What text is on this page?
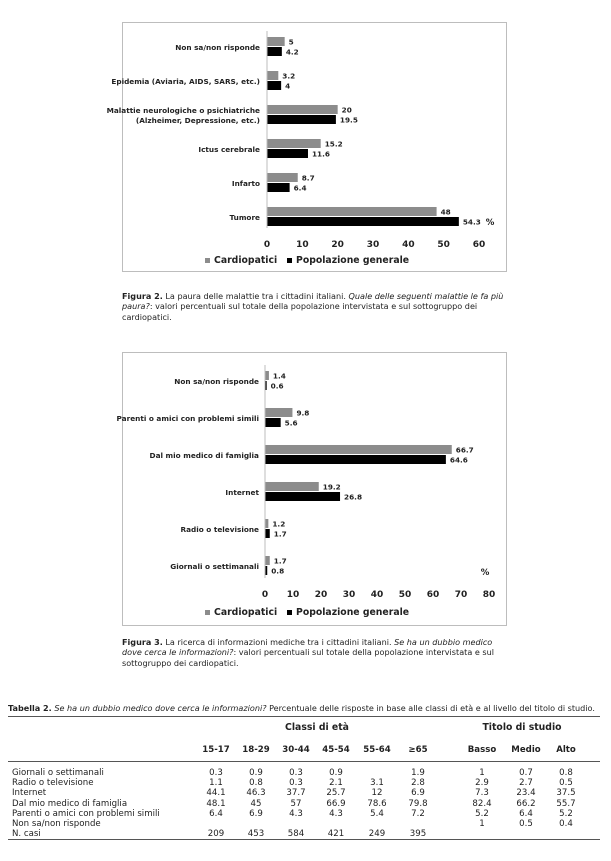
Non sa/non risponde
5
4.2
Epidemia (Aviaria, AIDS, SARS, etc.)
3.2
4
Malattie neurologiche o psichiatriche
(Alzheimer, Depressione, etc.)
20
19.5
Ictus cerebrale
15.2
11.6
Infarto
8.7
6.4
Tumore
48
54.3
0	10	20	30	40	50	60
%
Cardiopatici Popolazione generale
Figura 2. La paura delle malattie tra i cittadini italiani. Quale delle seguenti malattie le fa più paura?: valori percentuali sul totale della popolazione intervistata e sul sottogruppo dei cardiopatici.
Non sa/non risponde
1.4
0.6
Parenti o amici con problemi simili
9.8
5.6
Dal mio medico di famiglia
66.7
64.6
Internet
19.2
26.8
Radio o televisione
1.2
1.7
Giornali o settimanali
1.7
0.8
0 10 20 30 40 50 60 70 80
%
Cardiopatici Popolazione generale
Figura 3. La ricerca di informazioni mediche tra i cittadini italiani. Se ha un dubbio medico dove cerca le informazioni?: valori percentuali sul totale della popolazione intervistata e sul sottogruppo dei cardiopatici.
Tabella 2. Se ha un dubbio medico dove cerca le informazioni? Percentuale delle risposte in base alle classi di età e al livello del titolo di studio.
	Classi di età							Titolo di studio			
	15-17	18-29	30-44	45-54	55-64	≥65		Basso	Medio	Alto	
Giornali o settimanali	0.3	0.9	0.3	0.9		1.9		1	0.7	0.8	
Radio o televisione	1.1	0.8	0.3	2.1	3.1	2.8		2.9	2.7	0.5	
Internet	44.1	46.3	37.7	25.7	12	6.9		7.3	23.4	37.5	
Dal mio medico di famiglia	48.1	45	57	66.9	78.6	79.8		82.4	66.2	55.7	
Parenti o amici con problemi simili	6.4	6.9	4.3	4.3	5.4	7.2		5.2	6.4	5.2	
Non sa/non risponde								1	0.5	0.4	
N. casi	209	453	584	421	249	395					
